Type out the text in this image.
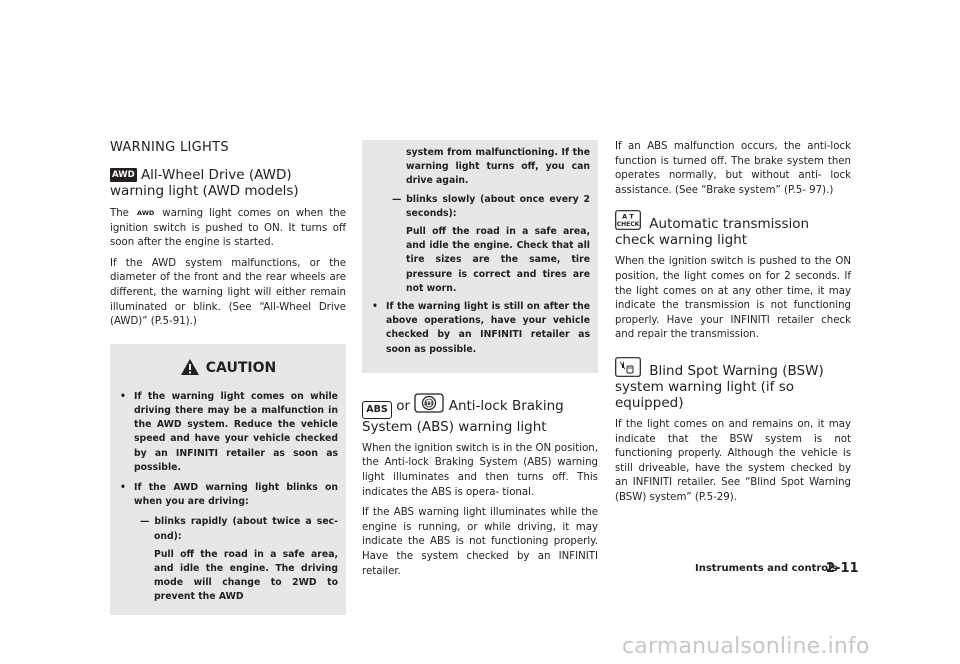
WARNING LIGHTS
AWD All-Wheel Drive (AWD) warning light (AWD models)

The AWD warning light comes on when the ignition switch is pushed to ON. It turns off soon after the engine is started.

If the AWD system malfunctions, or the diameter of the front and the rear wheels are different, the warning light will either remain illuminated or blink. (See “All-Wheel Drive (AWD)” (P.5-91).)

CAUTION
• If the warning light comes on while driving there may be a malfunction in the AWD system. Reduce the vehicle speed and have your vehicle checked by an INFINITI retailer as soon as possible.
• If the AWD warning light blinks on when you are driving:
— blinks rapidly (about twice a sec- ond):
Pull off the road in a safe area, and idle the engine. The driving mode will change to 2WD to prevent the AWD
system from malfunctioning. If the warning light turns off, you can drive again.
— blinks slowly (about once every 2 seconds):
Pull off the road in a safe area, and idle the engine. Check that all tire sizes are the same, tire pressure is correct and tires are not worn.
• If the warning light is still on after the above operations, have your vehicle checked by an INFINITI retailer as soon as possible.
ABS or	ABS Anti-lock Braking System (ABS) warning light

When the ignition switch is in the ON position, the Anti-lock Braking System (ABS) warning light illuminates and then turns off. This indicates the ABS is opera- tional.

If the ABS warning light illuminates while the engine is running, or while driving, it may indicate the ABS is not functioning properly. Have the system checked by an INFINITI retailer.

If an ABS malfunction occurs, the anti-lock function is turned off. The brake system then operates normally, but without anti- lock assistance. (See “Brake system” (P.5- 97).)

A T
CHECK Automatic transmission check warning light

When the ignition switch is pushed to the ON position, the light comes on for 2 seconds. If the light comes on at any other time, it may indicate the transmission is not functioning properly. Have your INFINITI retailer check and repair the transmission.

Blind Spot Warning (BSW) system warning light (if so equipped)

If the light comes on and remains on, it may indicate that the BSW system is not functioning properly. Although the vehicle is still driveable, have the system checked by an INFINITI retailer. See “Blind Spot Warning (BSW) system” (P.5-29).

Instruments and controls
2-11
carmanualsonline.info
